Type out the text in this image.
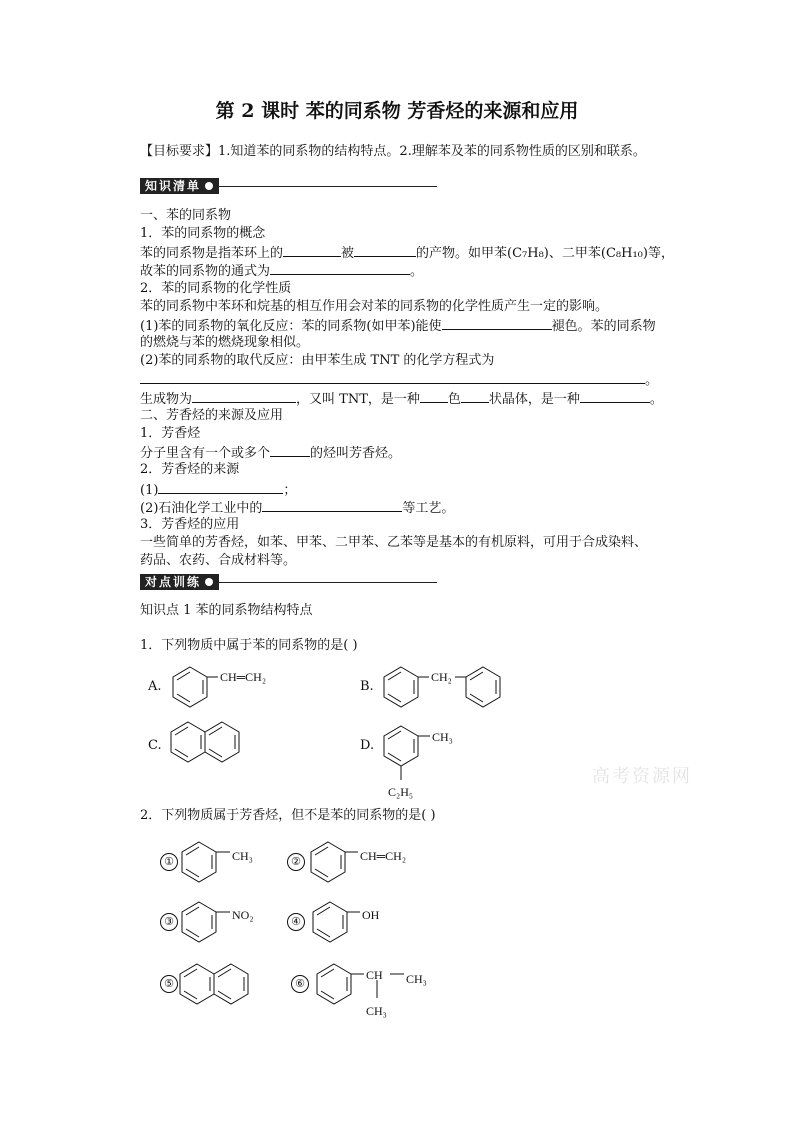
第 2 课时 苯的同系物 芳香烃的来源和应用
【目标要求】1.知道苯的同系物的结构特点。2.理解苯及苯的同系物性质的区别和联系。
知识清单
一、苯的同系物
1．苯的同系物的概念
苯的同系物是指苯环上的	被	的产物。如甲苯(C₇H₈)、二甲苯(C₈H₁₀)等，
故苯的同系物的通式为	。
2．苯的同系物的化学性质
苯的同系物中苯环和烷基的相互作用会对苯的同系物的化学性质产生一定的影响。
(1)苯的同系物的氧化反应：苯的同系物(如甲苯)能使	褪色。苯的同系物
的燃烧与苯的燃烧现象相似。
(2)苯的同系物的取代反应：由甲苯生成 TNT 的化学方程式为
。
生成物为	，又叫 TNT，是一种 色 状晶体，是一种	。
二、芳香烃的来源及应用
1．芳香烃
分子里含有一个或多个	的烃叫芳香烃。
2．芳香烃的来源
(1)	；
(2)石油化学工业中的	等工艺。
3．芳香烃的应用
一些简单的芳香烃，如苯、甲苯、二甲苯、乙苯等是基本的有机原料，可用于合成染料、
药品、农药、合成材料等。
对点训练
知识点 1 苯的同系物结构特点
1．下列物质中属于苯的同系物的是( )
A.	B.
C.	D.
CH═CH₂	CH₂
CH₃
C₂H₅
CH₃	CH═CH₂
NO₂	OH
CH CH₃
CH₃
2．下列物质属于芳香烃，但不是苯的同系物的是( )
①	②
③	④
⑤	⑥
高考资源网
